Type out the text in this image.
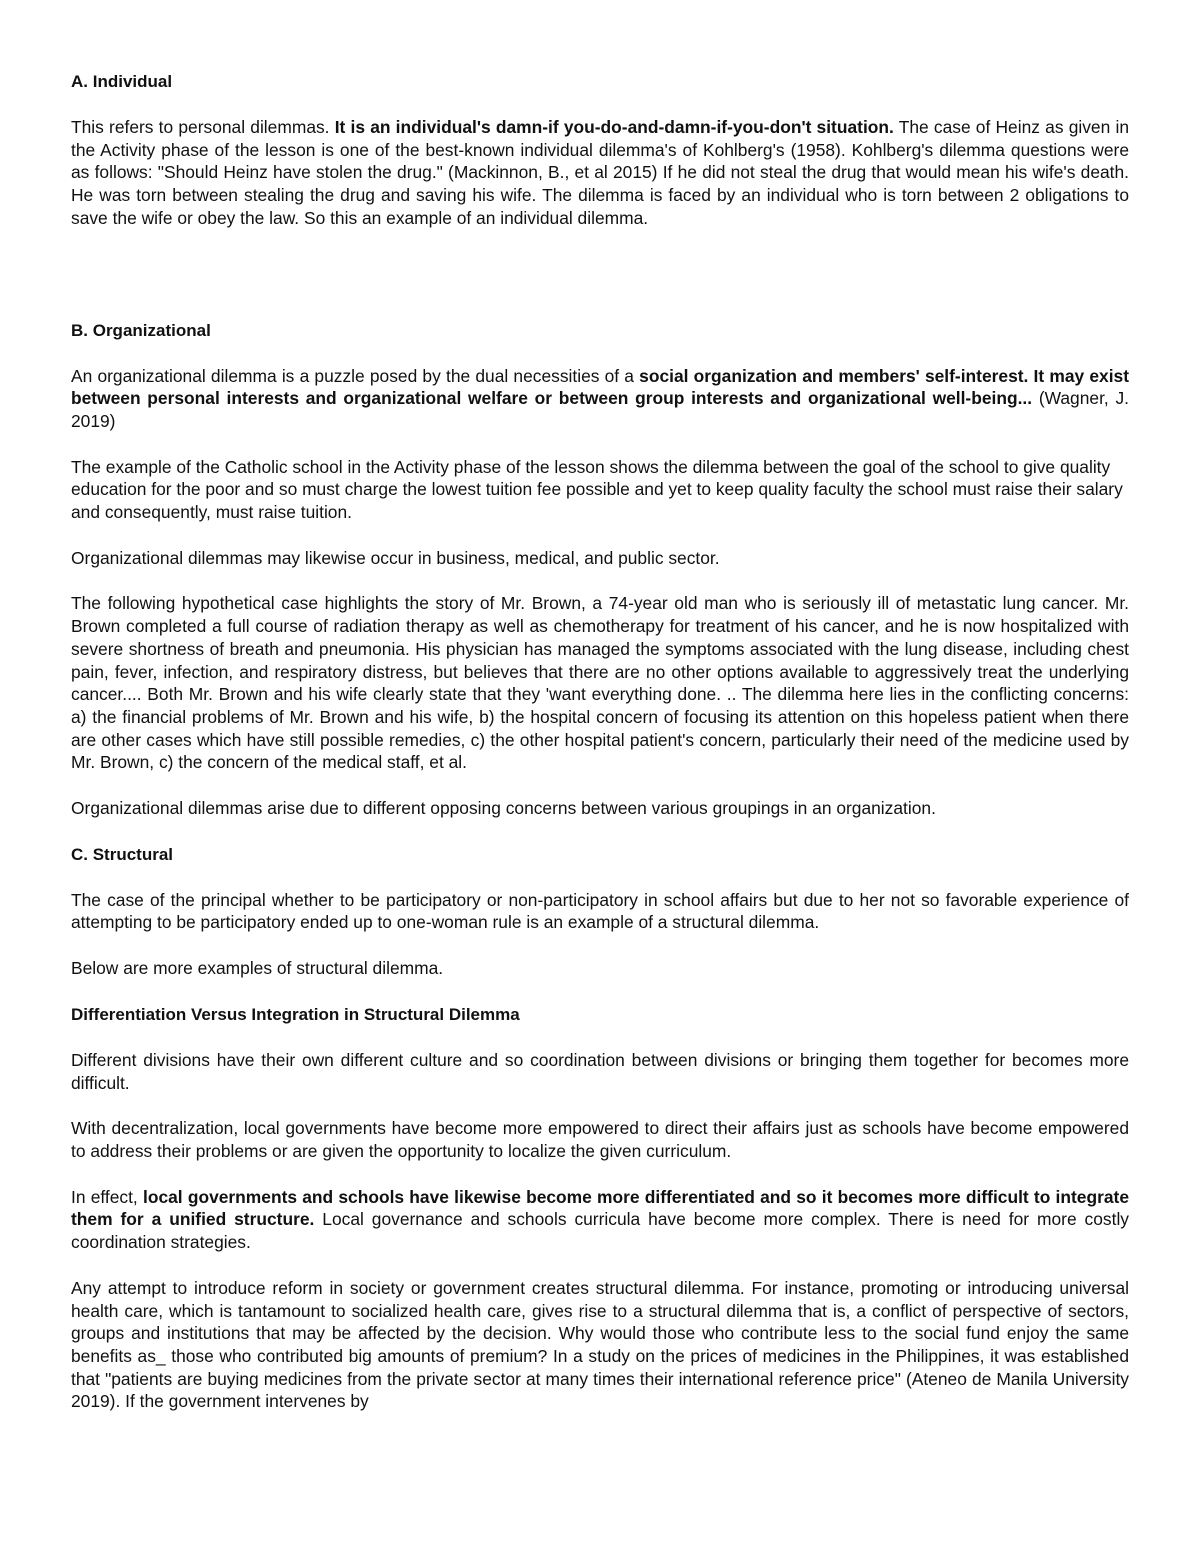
A. Individual

This refers to personal dilemmas. It is an individual's damn-if you-do-and-damn-if-you-don't situation. The case of Heinz as given in the Activity phase of the lesson is one of the best-known individual dilemma's of Kohlberg's (1958). Kohlberg's dilemma questions were as follows: "Should Heinz have stolen the drug." (Mackinnon, B., et al 2015) If he did not steal the drug that would mean his wife's death. He was torn between stealing the drug and saving his wife. The dilemma is faced by an individual who is torn between 2 obligations to save the wife or obey the law. So this an example of an individual dilemma.

B. Organizational

An organizational dilemma is a puzzle posed by the dual necessities of a social organization and members' self-interest. It may exist between personal interests and organizational welfare or between group interests and organizational well-being... (Wagner, J. 2019)

The example of the Catholic school in the Activity phase of the lesson shows the dilemma between the goal of the school to give quality education for the poor and so must charge the lowest tuition fee possible and yet to keep quality faculty the school must raise their salary and consequently, must raise tuition.

Organizational dilemmas may likewise occur in business, medical, and public sector.

The following hypothetical case highlights the story of Mr. Brown, a 74-year old man who is seriously ill of metastatic lung cancer. Mr. Brown completed a full course of radiation therapy as well as chemotherapy for treatment of his cancer, and he is now hospitalized with severe shortness of breath and pneumonia. His physician has managed the symptoms associated with the lung disease, including chest pain, fever, infection, and respiratory distress, but believes that there are no other options available to aggressively treat the underlying cancer.... Both Mr. Brown and his wife clearly state that they 'want everything done. .. The dilemma here lies in the conflicting concerns: a) the financial problems of Mr. Brown and his wife, b) the hospital concern of focusing its attention on this hopeless patient when there are other cases which have still possible remedies, c) the other hospital patient's concern, particularly their need of the medicine used by Mr. Brown, c) the concern of the medical staff, et al.

Organizational dilemmas arise due to different opposing concerns between various groupings in an organization.

C. Structural

The case of the principal whether to be participatory or non-participatory in school affairs but due to her not so favorable experience of attempting to be participatory ended up to one-woman rule is an example of a structural dilemma.

Below are more examples of structural dilemma.

Differentiation Versus Integration in Structural Dilemma

Different divisions have their own different culture and so coordination between divisions or bringing them together for becomes more difficult.

With decentralization, local governments have become more empowered to direct their affairs just as schools have become empowered to address their problems or are given the opportunity to localize the given curriculum.

In effect, local governments and schools have likewise become more differentiated and so it becomes more difficult to integrate them for a unified structure. Local governance and schools curricula have become more complex. There is need for more costly coordination strategies.

Any attempt to introduce reform in society or government creates structural dilemma. For instance, promoting or introducing universal health care, which is tantamount to socialized health care, gives rise to a structural dilemma that is, a conflict of perspective of sectors, groups and institutions that may be affected by the decision. Why would those who contribute less to the social fund enjoy the same benefits as_ those who contributed big amounts of premium? In a study on the prices of medicines in the Philippines, it was established that "patients are buying medicines from the private sector at many times their international reference price" (Ateneo de Manila University 2019). If the government intervenes by
